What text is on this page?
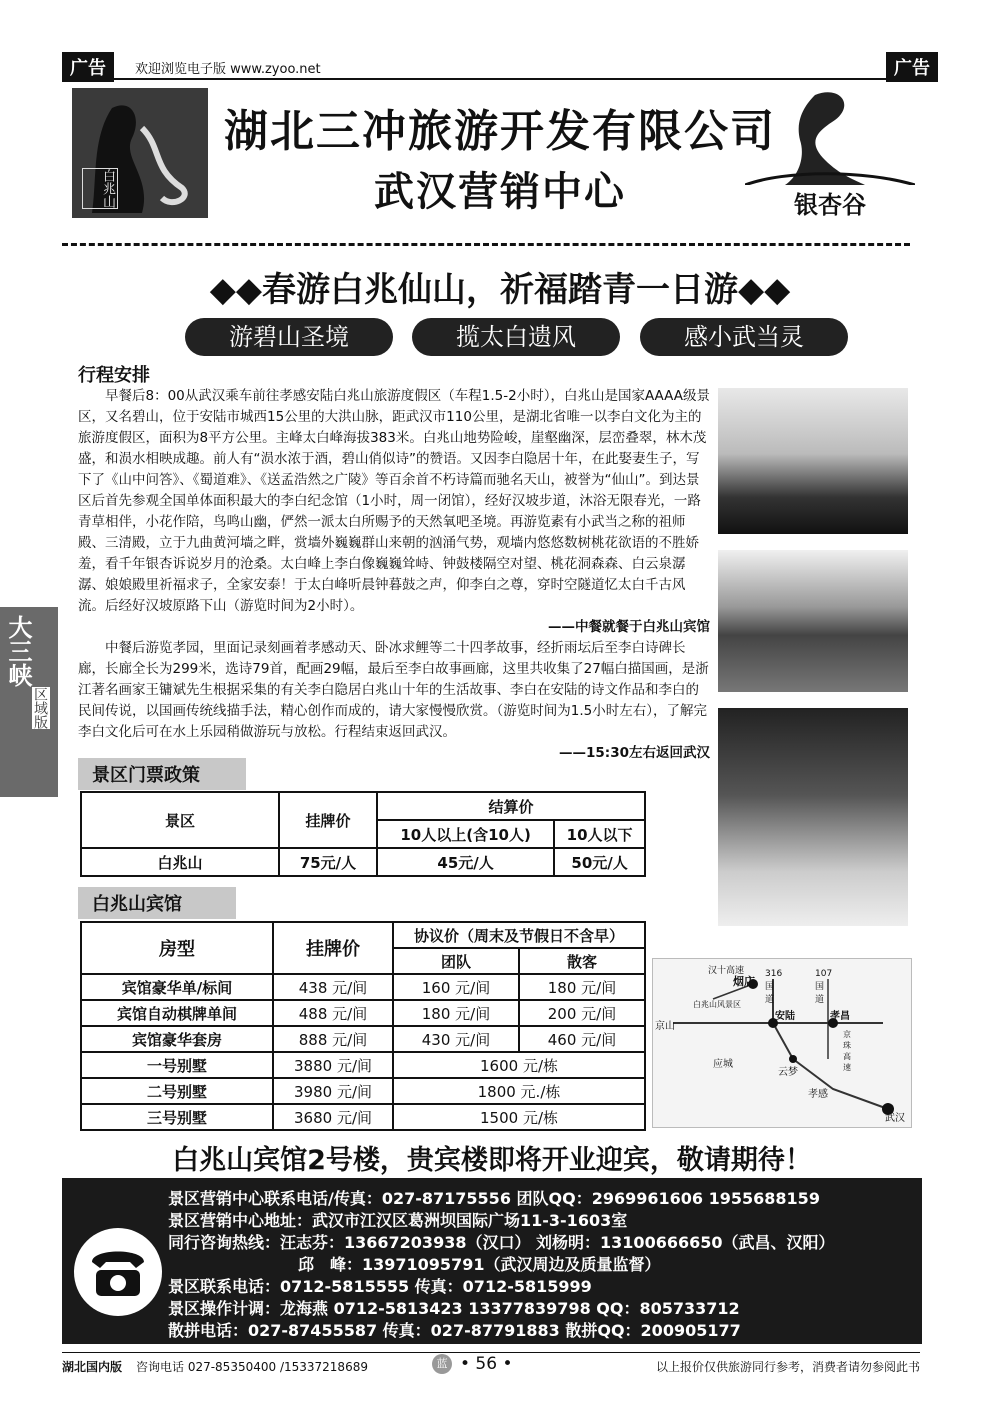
广告	欢迎浏览电子版 www.zyoo.net	广告
白兆山
湖北三冲旅游开发有限公司
武汉营销中心	银杏谷
◆◆春游白兆仙山，祈福踏青一日游◆◆
游碧山圣境	揽太白遗风	感小武当灵
行程安排

早餐后8：00从武汉乘车前往孝感安陆白兆山旅游度假区（车程1.5-2小时），白兆山是国家AAAA级景区，又名碧山，位于安陆市城西15公里的大洪山脉，距武汉市110公里，是湖北省唯一以李白文化为主的旅游度假区，面积为8平方公里。主峰太白峰海拔383米。白兆山地势险峻，崖壑幽深，层峦叠翠，林木茂盛，和涢水相映成趣。前人有“涢水浓于酒，碧山俏似诗”的赞语。又因李白隐居十年，在此娶妻生子，写下了《山中问答》、《蜀道难》、《送孟浩然之广陵》等百余首不朽诗篇而驰名天山，被誉为“仙山”。到达景区后首先参观全国单体面积最大的李白纪念馆（1小时，周一闭馆），经好汉坡步道，沐浴无限春光，一路青草相伴，小花作陪，鸟鸣山幽，俨然一派太白所赐予的天然氧吧圣境。再游览素有小武当之称的祖师殿、三清殿，立于九曲黄河墙之畔，赏墙外巍巍群山来朝的汹涌气势，观墙内悠悠数树桃花欲语的不胜娇羞，看千年银杏诉说岁月的沧桑。太白峰上李白像巍巍耸峙、钟鼓楼隔空对望、桃花洞森森、白云泉潺潺、娘娘殿里祈福求子，全家安泰！于太白峰听晨钟暮鼓之声，仰李白之尊，穿时空隧道忆太白千古风流。后经好汉坡原路下山（游览时间为2小时）。

——中餐就餐于白兆山宾馆

中餐后游览孝园，里面记录刻画着孝感动天、卧冰求鲤等二十四孝故事，经折雨坛后至李白诗碑长廊，长廊全长为299米，选诗79首，配画29幅，最后至李白故事画廊，这里共收集了27幅白描国画，是浙江著名画家王镛斌先生根据采集的有关李白隐居白兆山十年的生活故事、李白在安陆的诗文作品和李白的民间传说，以国画传统线描手法，精心创作而成的，请大家慢慢欣赏。（游览时间为1.5小时左右），了解完李白文化后可在水上乐园稍做游玩与放松。行程结束返回武汉。

——15:30左右返回武汉

景区门票政策
景区	挂牌价	结算价	
		10人以上(含10人)	10人以下
白兆山	75元/人	45元/人	50元/人
白兆山宾馆
房型	挂牌价	协议价（周末及节假日不含早）	
		团队	散客
宾馆豪华单/标间	438 元/间	160 元/间	180 元/间
宾馆自动棋牌单间	488 元/间	180 元/间	200 元/间
宾馆豪华套房	888 元/间	430 元/间	460 元/间
一号别墅	3880 元/间	1600 元/栋	
二号别墅	3980 元/间	1800 元./栋	
三号别墅	3680 元/间	1500 元/栋	
汉十高速 316国道
107国道
烟店
白兆山风景区
京山
安陆	孝昌
京珠高速
应城
云梦
孝感
武汉
白兆山宾馆2号楼，贵宾楼即将开业迎宾，敬请期待！
景区营销中心联系电话/传真：027-87175556 团队QQ：2969961606 1955688159
景区营销中心地址：武汉市江汉区葛洲坝国际广场11-3-1603室
同行咨询热线：汪志芬：13667203938（汉口） 刘杨明：13100666650（武昌、汉阳）
邱　峰：13971095791（武汉周边及质量监督）
景区联系电话：0712-5815555 传真：0712-5815999
景区操作计调：龙海燕 0712-5813423 13377839798 QQ：805733712
散拼电话：027-87455587 传真：027-87791883 散拼QQ：200905177
大三峡
区域版
湖北国内版 咨询电话 027-85350400 /15337218689	蓝 • 56 •	以上报价仅供旅游同行参考，消费者请勿参阅此书
